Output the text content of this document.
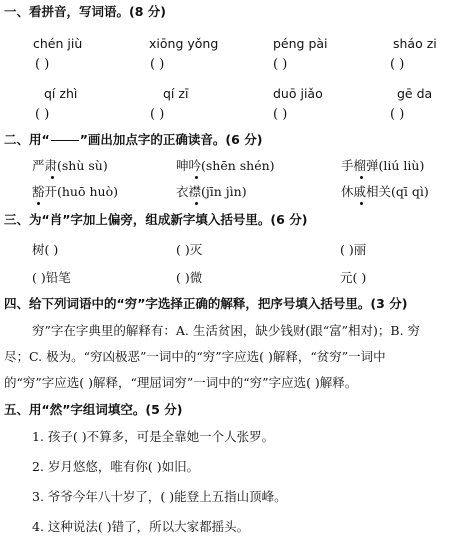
一、看拼音，写词语。(8 分)
chén jiù	xiōng yǒng	péng pài	sháo zi
( )	( )	( )	( )
qí zhì	qí zī	duō jiǎo	gē da
( )	( )	( )	( )
二、用“ ”画出加点字的正确读音。(6 分)
严肃(shù sù)	呻吟(shēn shén)	手榴弹(liú liù)
豁开(huō huò)	衣襟(jīn jìn)	休戚相关(qī qì)
三、为“肖”字加上偏旁，组成新字填入括号里。(6 分)
树( )	( )灭	( )丽
( )铅笔	( )微	元( )
四、给下列词语中的“穷”字选择正确的解释，把序号填入括号里。(3 分)
穷”字在字典里的解释有：A. 生活贫困，缺少钱财(跟“富”相对)；B. 穷
尽；C. 极为。“穷凶极恶”一词中的“穷”字应选( )解释，“贫穷”一词中
的“穷”字应选( )解释，“理屈词穷”一词中的“穷”字应选( )解释。
五、用“然”字组词填空。(5 分)
1. 孩子( )不算多，可是全靠她一个人张罗。
2. 岁月悠悠，唯有你( )如旧。
3. 爷爷今年八十岁了，( )能登上五指山顶峰。
4. 这种说法( )错了，所以大家都摇头。
